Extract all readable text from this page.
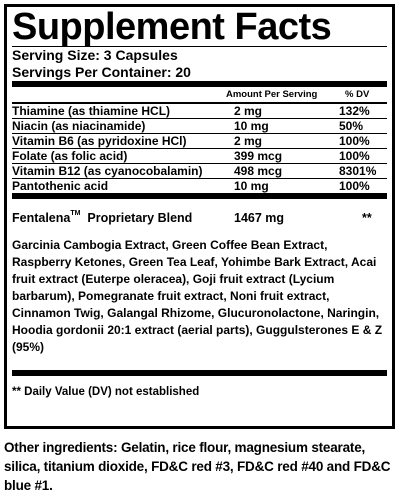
Supplement Facts
Serving Size: 3 Capsules
Servings Per Container: 20
Amount Per Serving	% DV
Thiamine (as thiamine HCL)	2 mg	132%
Niacin (as niacinamide)	10 mg	50%
Vitamin B6 (as pyridoxine HCl)	2 mg	100%
Folate (as folic acid)	399 mcg	100%
Vitamin B12 (as cyanocobalamin)	498 mcg	8301%
Pantothenic acid	10 mg	100%
Fentalena™ Proprietary Blend	1467 mg	**
Garcinia Cambogia Extract, Green Coffee Bean Extract, Raspberry Ketones, Green Tea Leaf, Yohimbe Bark Extract, Acai fruit extract (Euterpe oleracea), Goji fruit extract (Lycium barbarum), Pomegranate fruit extract, Noni fruit extract, Cinnamon Twig, Galangal Rhizome, Glucuronolactone, Naringin, Hoodia gordonii 20:1 extract (aerial parts), Guggulsterones E & Z (95%)
** Daily Value (DV) not established
Other ingredients: Gelatin, rice flour, magnesium stearate, silica, titanium dioxide, FD&C red #3, FD&C red #40 and FD&C blue #1.
